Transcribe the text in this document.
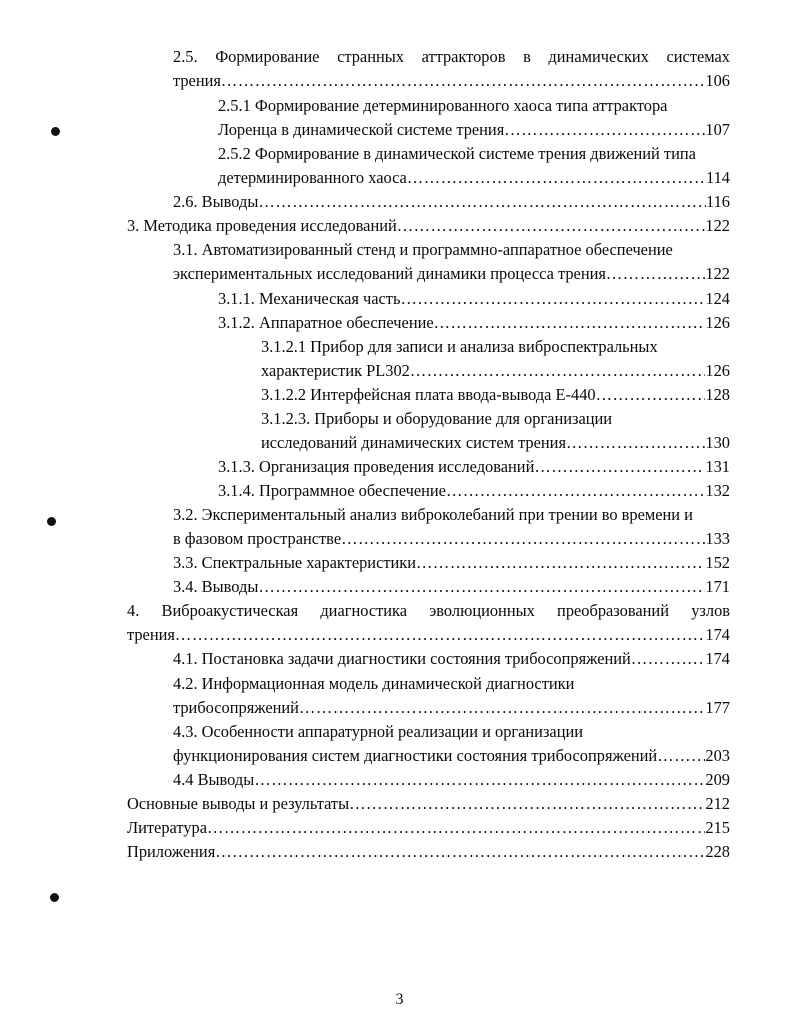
2.5. Формирование странных аттракторов в динамических системах
трения ……………………………………………………………………………………………………………………………………………………………………………………	106
2.5.1 Формирование детерминированного хаоса типа аттрактора
Лоренца в динамической системе трения ……………………………………………………………………………………………………………………………………………………………………………………	107
2.5.2 Формирование в динамической системе трения движений типа
детерминированного хаоса ……………………………………………………………………………………………………………………………………………………………………………………	114
2.6. Выводы ……………………………………………………………………………………………………………………………………………………………………………………	116
3. Методика проведения исследований ……………………………………………………………………………………………………………………………………………………………………………………	122
3.1. Автоматизированный стенд и программно-аппаратное обеспечение
экспериментальных исследований динамики процесса трения ……………………………………………………………………………………………………………………………………………………………………………………	122
3.1.1. Механическая часть ……………………………………………………………………………………………………………………………………………………………………………………	124
3.1.2. Аппаратное обеспечение ……………………………………………………………………………………………………………………………………………………………………………………	126
3.1.2.1 Прибор для записи и анализа виброспектральных
характеристик PL302 ……………………………………………………………………………………………………………………………………………………………………………………	126
3.1.2.2 Интерфейсная плата ввода-вывода Е-440 ……………………………………………………………………………………………………………………………………………………………………………………	128
3.1.2.3. Приборы и оборудование для организации
исследований динамических систем трения ……………………………………………………………………………………………………………………………………………………………………………………	130
3.1.3. Организация проведения исследований ……………………………………………………………………………………………………………………………………………………………………………………	131
3.1.4. Программное обеспечение ……………………………………………………………………………………………………………………………………………………………………………………	132
3.2. Экспериментальный анализ виброколебаний при трении во времени и
в фазовом пространстве ……………………………………………………………………………………………………………………………………………………………………………………	133
3.3. Спектральные характеристики ……………………………………………………………………………………………………………………………………………………………………………………	152
3.4. Выводы ……………………………………………………………………………………………………………………………………………………………………………………	171
4. Виброакустическая диагностика эволюционных преобразований узлов
трения ……………………………………………………………………………………………………………………………………………………………………………………	174
4.1. Постановка задачи диагностики состояния трибосопряжений ……………………………………………………………………………………………………………………………………………………………………………………	174
4.2. Информационная модель динамической диагностики
трибосопряжений ……………………………………………………………………………………………………………………………………………………………………………………	177
4.3. Особенности аппаратурной реализации и организации
функционирования систем диагностики состояния трибосопряжений ……………………………………………………………………………………………………………………………………………………………………………………	203
4.4 Выводы ……………………………………………………………………………………………………………………………………………………………………………………	209
Основные выводы и результаты ……………………………………………………………………………………………………………………………………………………………………………………	212
Литература ……………………………………………………………………………………………………………………………………………………………………………………	215
Приложения ……………………………………………………………………………………………………………………………………………………………………………………	228
3
